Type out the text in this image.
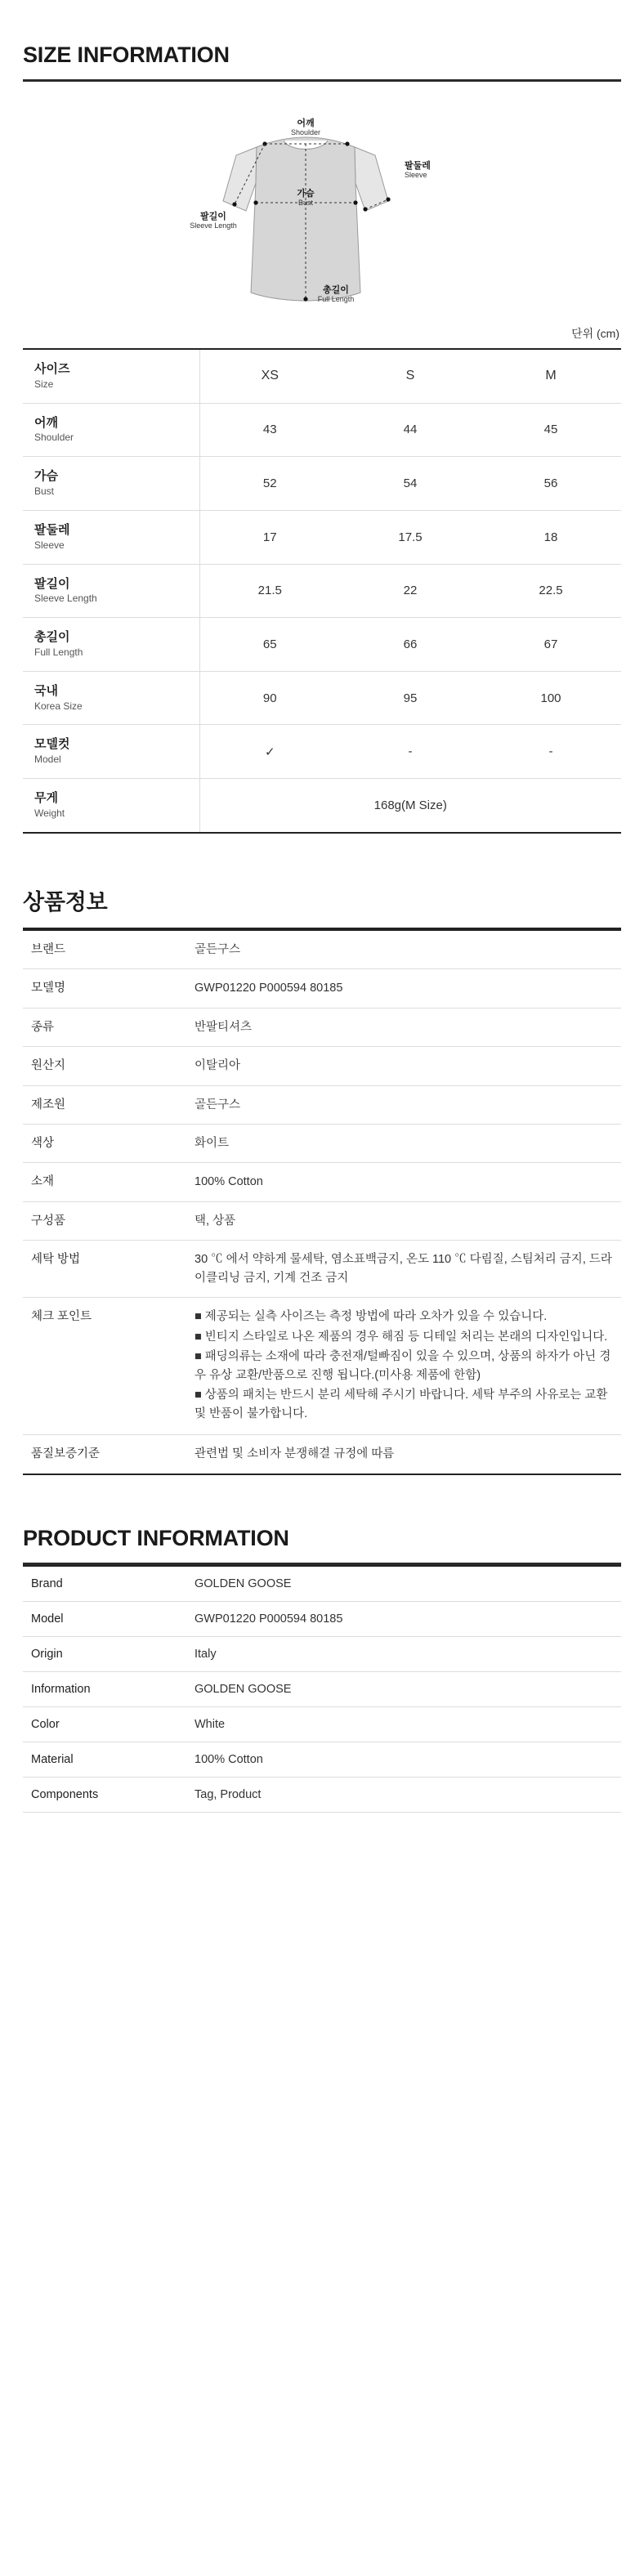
SIZE INFORMATION
어깨
Shoulder
팔둘레
Sleeve
가슴
Bust
팔길이
Sleeve Length
총길이
Full Length
단위 (cm)
사이즈
Size	XS	S	M

어깨
Shoulder	43	44	45

가슴
Bust	52	54	56

팔둘레
Sleeve	17	17.5	18

팔길이
Sleeve Length	21.5	22	22.5

총길이
Full Length	65	66	67

국내
Korea Size	90	95	100

모델컷
Model	✓	-	-

무게
Weight	168g(M Size)		
상품정보
브랜드	골든구스
모델명	GWP01220 P000594 80185
종류	반팔티셔츠
원산지	이탈리아
제조원	골든구스
색상	화이트
소재	100% Cotton
구성품	택, 상품
세탁 방법	30 ℃ 에서 약하게 물세탁, 염소표백금지, 온도 110 ℃ 다림질, 스팀처리 금지, 드라이클리닝 금지, 기계 건조 금지
체크 포인트	■ 제공되는 실측 사이즈는 측정 방법에 따라 오차가 있을 수 있습니다.

■ 빈티지 스타일로 나온 제품의 경우 해짐 등 디테일 처리는 본래의 디자인입니다.

■ 패딩의류는 소재에 따라 충전재/털빠짐이 있을 수 있으며, 상품의 하자가 아닌 경우 유상 교환/반품으로 진행 됩니다.(미사용 제품에 한함)

■ 상품의 패치는 반드시 분리 세탁해 주시기 바랍니다. 세탁 부주의 사유로는 교환 및 반품이 불가합니다.

품질보증기준	관련법 및 소비자 분쟁해결 규정에 따름
PRODUCT INFORMATION
Brand	GOLDEN GOOSE
Model	GWP01220 P000594 80185
Origin	Italy
Information	GOLDEN GOOSE
Color	White
Material	100% Cotton
Components	Tag, Product
